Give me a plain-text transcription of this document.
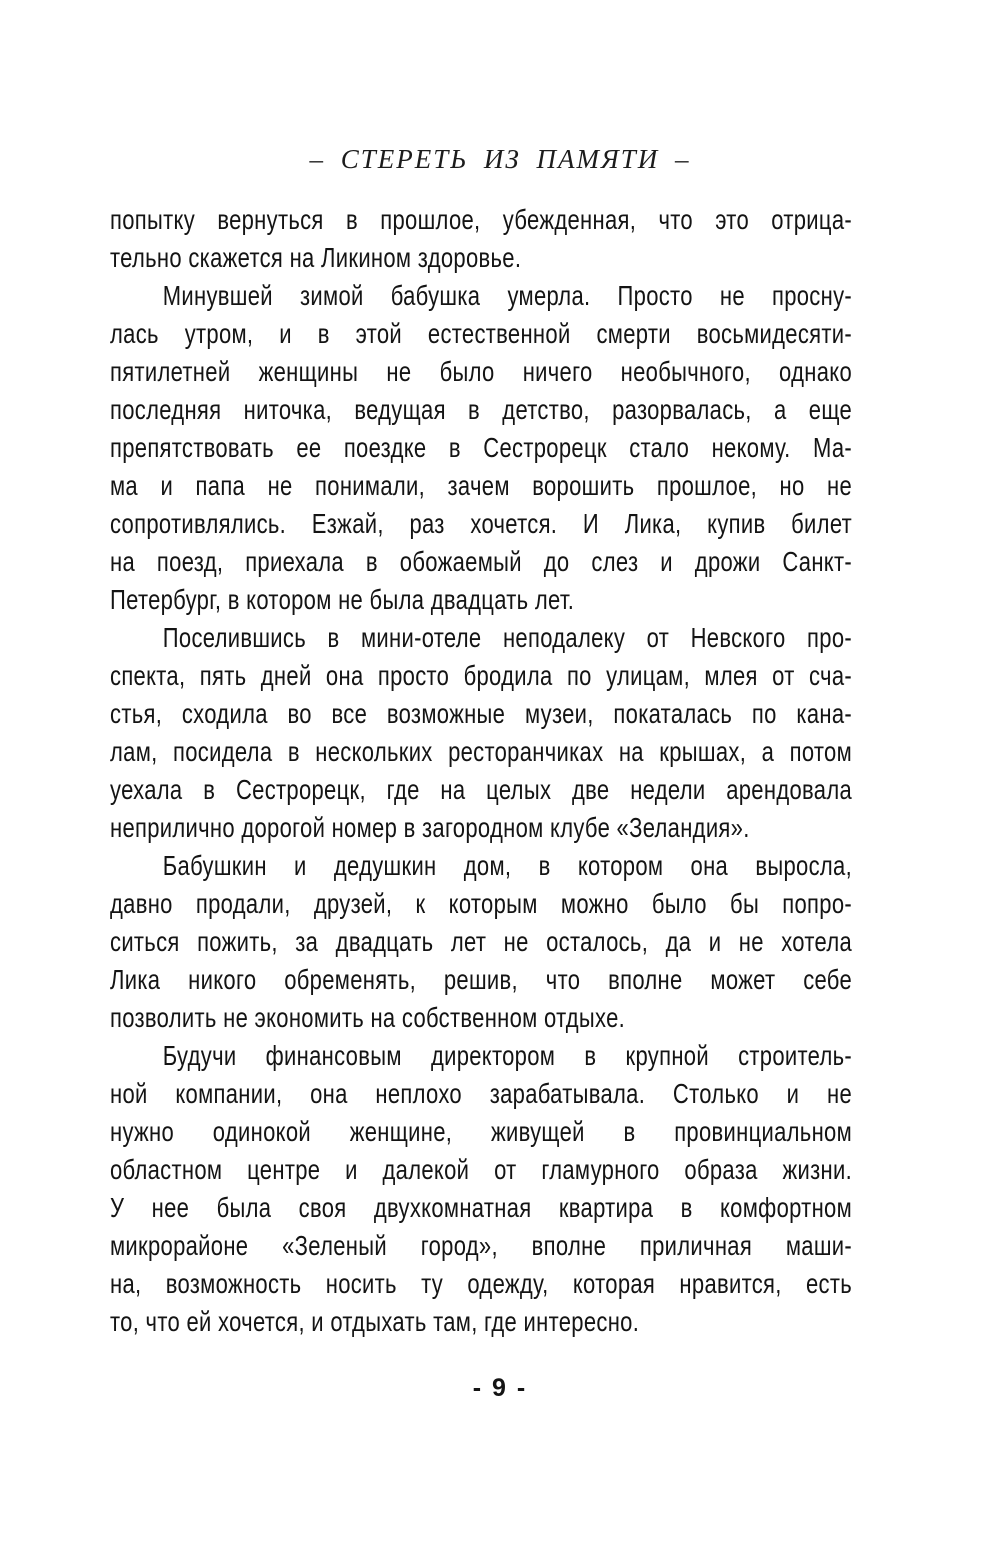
– СТЕРЕТЬ ИЗ ПАМЯТИ –
попытку вернуться в прошлое, убежденная, что это отрица-
тельно скажется на Ликином здоровье.
Минувшей зимой бабушка умерла. Просто не просну-
лась утром, и в этой естественной смерти восьмидесяти-
пятилетней женщины не было ничего необычного, однако
последняя ниточка, ведущая в детство, разорвалась, а еще
препятствовать ее поездке в Сестрорецк стало некому. Ма-
ма и папа не понимали, зачем ворошить прошлое, но не
сопротивлялись. Езжай, раз хочется. И Лика, купив билет
на поезд, приехала в обожаемый до слез и дрожи Санкт-
Петербург, в котором не была двадцать лет.
Поселившись в мини-отеле неподалеку от Невского про-
спекта, пять дней она просто бродила по улицам, млея от сча-
стья, сходила во все возможные музеи, покаталась по кана-
лам, посидела в нескольких ресторанчиках на крышах, а потом
уехала в Сестрорецк, где на целых две недели арендовала
неприлично дорогой номер в загородном клубе «Зеландия».
Бабушкин и дедушкин дом, в котором она выросла,
давно продали, друзей, к которым можно было бы попро-
ситься пожить, за двадцать лет не осталось, да и не хотела
Лика никого обременять, решив, что вполне может себе
позволить не экономить на собственном отдыхе.
Будучи финансовым директором в крупной строитель-
ной компании, она неплохо зарабатывала. Столько и не
нужно одинокой женщине, живущей в провинциальном
областном центре и далекой от гламурного образа жизни.
У нее была своя двухкомнатная квартира в комфортном
микрорайоне «Зеленый город», вполне приличная маши-
на, возможность носить ту одежду, которая нравится, есть
то, что ей хочется, и отдыхать там, где интересно.
- 9 -
